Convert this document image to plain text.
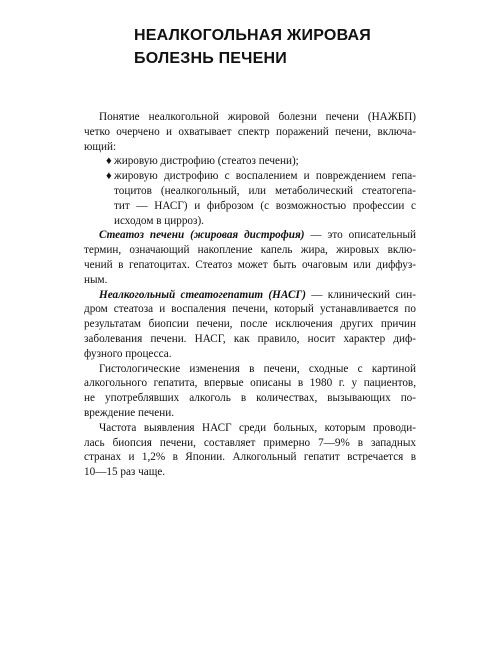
НЕАЛКОГОЛЬНАЯ ЖИРОВАЯ
БОЛЕЗНЬ ПЕЧЕНИ
Понятие неалкогольной жировой болезни печени (НАЖБП)
четко очерчено и охватывает спектр поражений печени, включа-
ющий:
♦ жировую дистрофию (стеатоз печени);
♦ жировую дистрофию с воспалением и повреждением гепа-
тоцитов (неалкогольный, или метаболический стеатогепа-
тит — НАСГ) и фиброзом (с возможностью профессии с
исходом в цирроз).
Стеатоз печени (жировая дистрофия) — это описательный
термин, означающий накопление капель жира, жировых вклю-
чений в гепатоцитах. Стеатоз может быть очаговым или диффуз-
ным.
Неалкогольный стеатогепатит (НАСГ) — клинический син-
дром стеатоза и воспаления печени, который устанавливается по
результатам биопсии печени, после исключения других причин
заболевания печени. НАСГ, как правило, носит характер диф-
фузного процесса.
Гистологические изменения в печени, сходные с картиной
алкогольного гепатита, впервые описаны в 1980 г. у пациентов,
не употреблявших алкоголь в количествах, вызывающих по-
вреждение печени.
Частота выявления НАСГ среди больных, которым проводи-
лась биопсия печени, составляет примерно 7—9% в западных
странах и 1,2% в Японии. Алкогольный гепатит встречается в
10—15 раз чаще.
